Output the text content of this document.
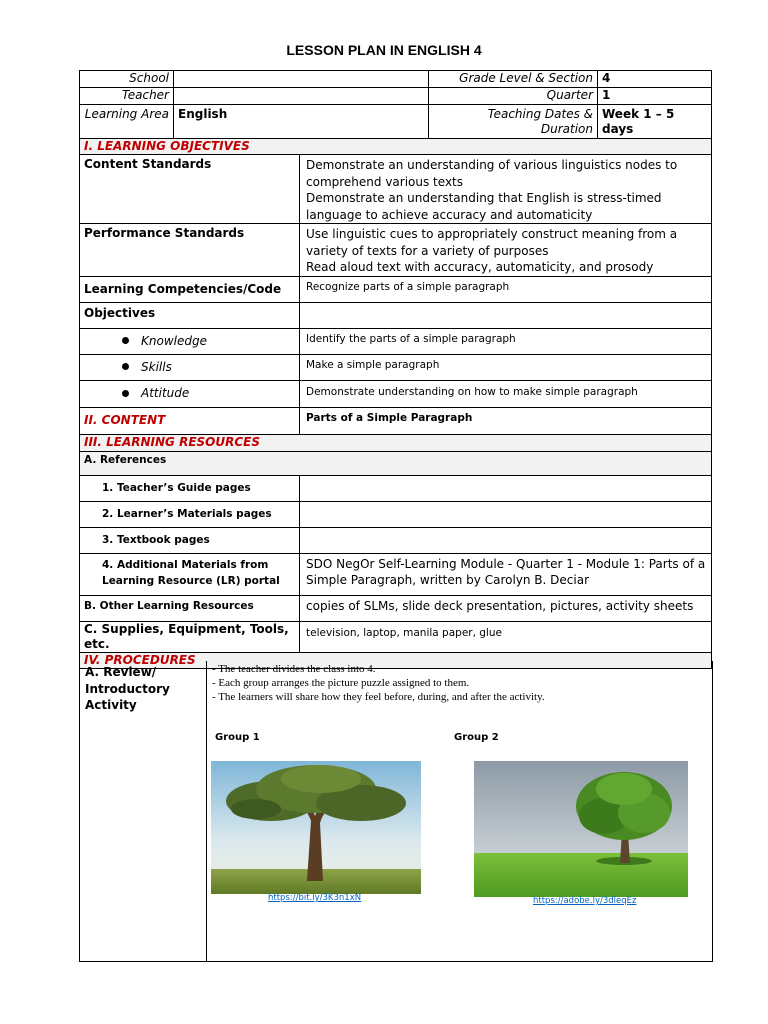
LESSON PLAN IN ENGLISH 4
School		Grade Level & Section	4
Teacher		Quarter	1
Learning Area	English	Teaching Dates & Duration	Week 1 – 5 days
I. LEARNING OBJECTIVES	
Content Standards	Demonstrate an understanding of various linguistics nodes to comprehend various texts
Demonstrate an understanding that English is stress-timed language to achieve accuracy and automaticity
Performance Standards	Use linguistic cues to appropriately construct meaning from a variety of texts for a variety of purposes
Read aloud text with accuracy, automaticity, and prosody
Learning Competencies/Code	Recognize parts of a simple paragraph
Objectives	
Knowledge	Identify the parts of a simple paragraph
Skills	Make a simple paragraph
Attitude	Demonstrate understanding on how to make simple paragraph
II. CONTENT	Parts of a Simple Paragraph
III. LEARNING RESOURCES	
A. References	
1. Teacher’s Guide pages	
2. Learner’s Materials pages	
3. Textbook pages	
4. Additional Materials from Learning Resource (LR) portal	SDO NegOr Self-Learning Module - Quarter 1 - Module 1: Parts of a Simple Paragraph, written by Carolyn B. Deciar
B. Other Learning Resources	copies of SLMs, slide deck presentation, pictures, activity sheets
C. Supplies, Equipment, Tools, etc.	television, laptop, manila paper, glue
IV. PROCEDURES	
A. Review/ Introductory Activity
- The teacher divides the class into 4.
- Each group arranges the picture puzzle assigned to them.
- The learners will share how they feel before, during, and after the activity.
Group 1	Group 2
https://bit.ly/3K3n1xN	https://adobe.ly/3dleqEz
